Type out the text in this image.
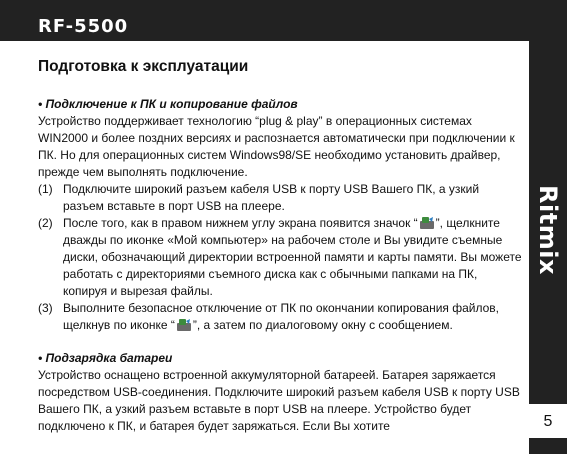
RF-5500
Ritmix
5
Подготовка к эксплуатации

• Подключение к ПК и копирование файлов

Устройство поддерживает технологию “plug & play” в операционных системах WIN2000 и более поздних версиях и распознается автоматически при подключении к ПК. Но для операционных систем Windows98/SE необходимо установить драйвер, прежде чем выполнять подключение.

(1) Подключите широкий разъем кабеля USB к порту USB Вашего ПК, а узкий разъем вставьте в порт USB на плеере.
(2) После того, как в правом нижнем углу экрана появится значок “ ”, щелкните дважды по иконке «Мой компьютер» на рабочем столе и Вы увидите съемные диски, обозначающий директории встроенной памяти и карты памяти. Вы можете работать с директориями съемного диска как с обычными папками на ПК, копируя и вырезая файлы.
(3) Выполните безопасное отключение от ПК по окончании копирования файлов, щелкнув по иконке “ ”, а затем по диалоговому окну с сообщением.

• Подзарядка батареи

Устройство оснащено встроенной аккумуляторной батареей. Батарея заряжается посредством USB-соединения. Подключите широкий разъем кабеля USB к порту USB Вашего ПК, а узкий разъем вставьте в порт USB на плеере. Устройство будет подключено к ПК, и батарея будет заряжаться. Если Вы хотите
